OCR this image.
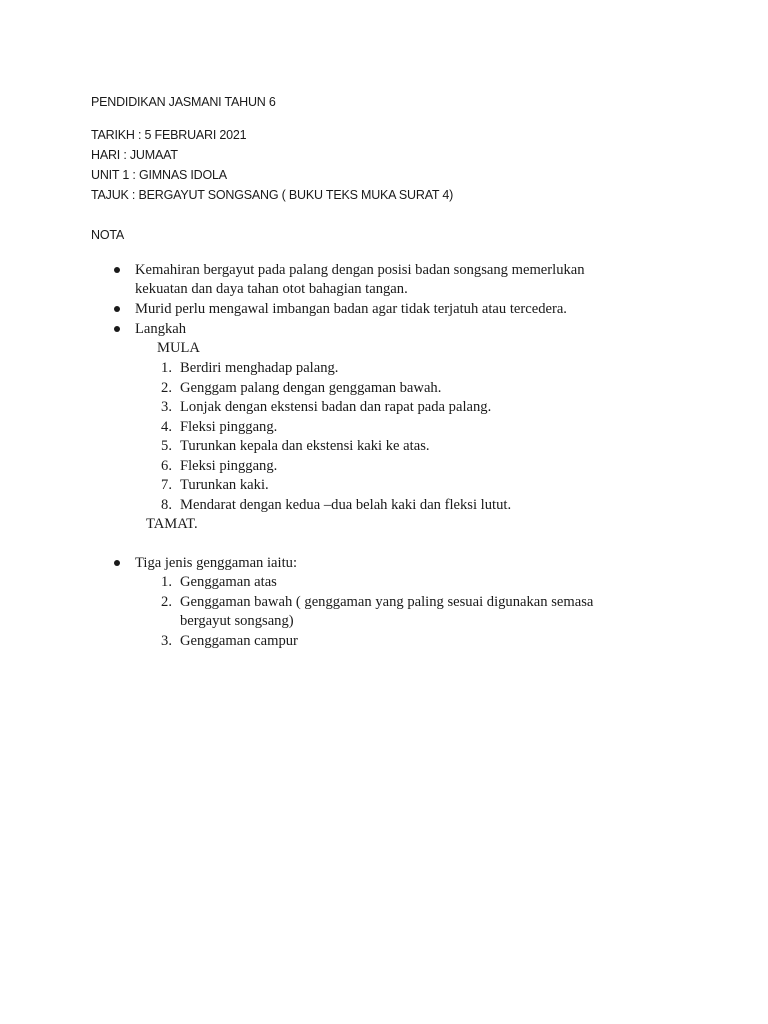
PENDIDIKAN JASMANI TAHUN 6
TARIKH : 5 FEBRUARI 2021
HARI : JUMAAT
UNIT 1 : GIMNAS IDOLA
TAJUK : BERGAYUT SONGSANG ( BUKU TEKS MUKA SURAT 4)
NOTA
Kemahiran bergayut pada palang dengan posisi badan songsang memerlukan
kekuatan dan daya tahan otot bahagian tangan.
Murid perlu mengawal imbangan badan agar tidak terjatuh atau tercedera.
Langkah
MULA
1. Berdiri menghadap palang.
2. Genggam palang dengan genggaman bawah.
3. Lonjak dengan ekstensi badan dan rapat pada palang.
4. Fleksi pinggang.
5. Turunkan kepala dan ekstensi kaki ke atas.
6. Fleksi pinggang.
7. Turunkan kaki.
8. Mendarat dengan kedua –dua belah kaki dan fleksi lutut.
TAMAT.
Tiga jenis genggaman iaitu:
1. Genggaman atas
2. Genggaman bawah ( genggaman yang paling sesuai digunakan semasa
bergayut songsang)
3. Genggaman campur
